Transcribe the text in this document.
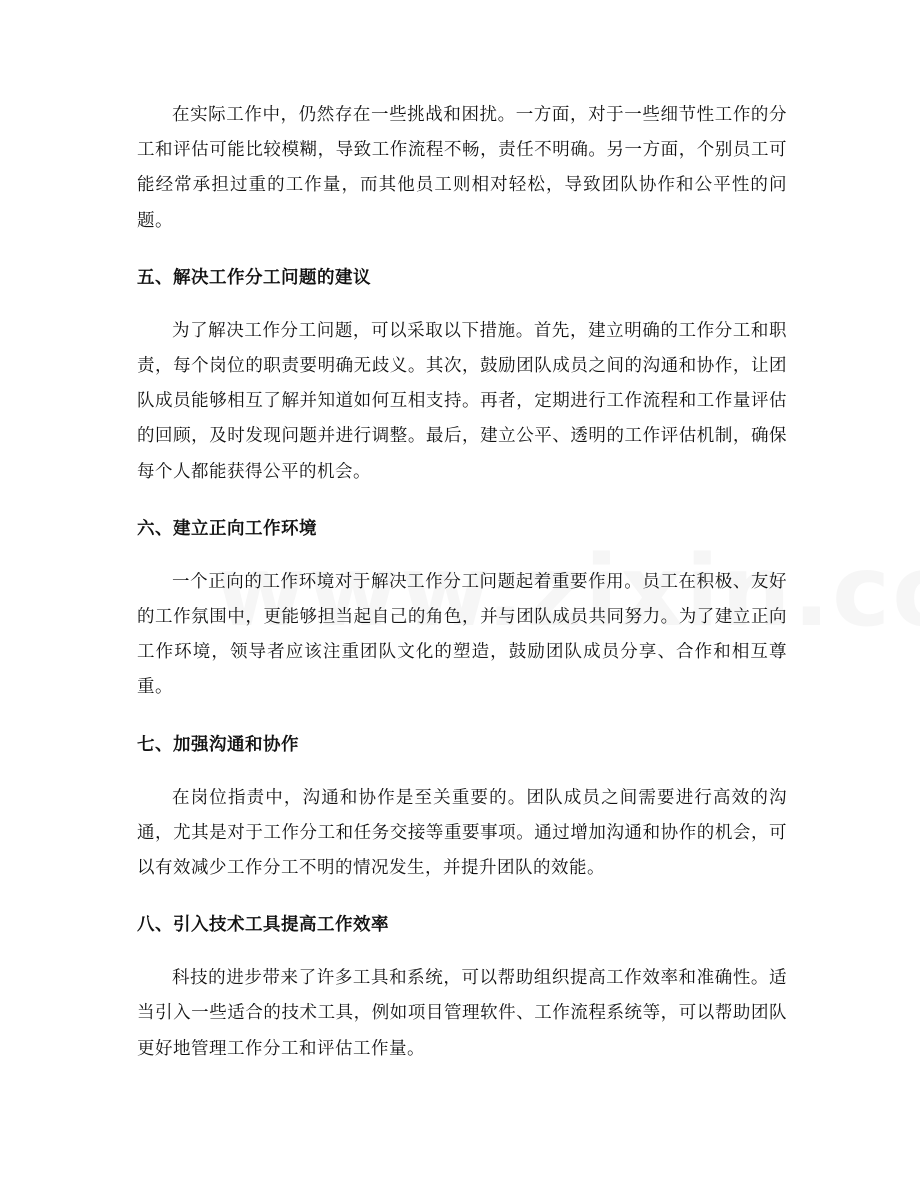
在实际工作中，仍然存在一些挑战和困扰。一方面，对于一些细节性工作的分工和评估可能比较模糊，导致工作流程不畅，责任不明确。另一方面，个别员工可能经常承担过重的工作量，而其他员工则相对轻松，导致团队协作和公平性的问题。

五、解决工作分工问题的建议

为了解决工作分工问题，可以采取以下措施。首先，建立明确的工作分工和职责，每个岗位的职责要明确无歧义。其次，鼓励团队成员之间的沟通和协作，让团队成员能够相互了解并知道如何互相支持。再者，定期进行工作流程和工作量评估的回顾，及时发现问题并进行调整。最后，建立公平、透明的工作评估机制，确保每个人都能获得公平的机会。

六、建立正向工作环境

一个正向的工作环境对于解决工作分工问题起着重要作用。员工在积极、友好的工作氛围中，更能够担当起自己的角色，并与团队成员共同努力。为了建立正向工作环境，领导者应该注重团队文化的塑造，鼓励团队成员分享、合作和相互尊重。

七、加强沟通和协作

在岗位指责中，沟通和协作是至关重要的。团队成员之间需要进行高效的沟通，尤其是对于工作分工和任务交接等重要事项。通过增加沟通和协作的机会，可以有效减少工作分工不明的情况发生，并提升团队的效能。

八、引入技术工具提高工作效率

科技的进步带来了许多工具和系统，可以帮助组织提高工作效率和准确性。适当引入一些适合的技术工具，例如项目管理软件、工作流程系统等，可以帮助团队更好地管理工作分工和评估工作量。
